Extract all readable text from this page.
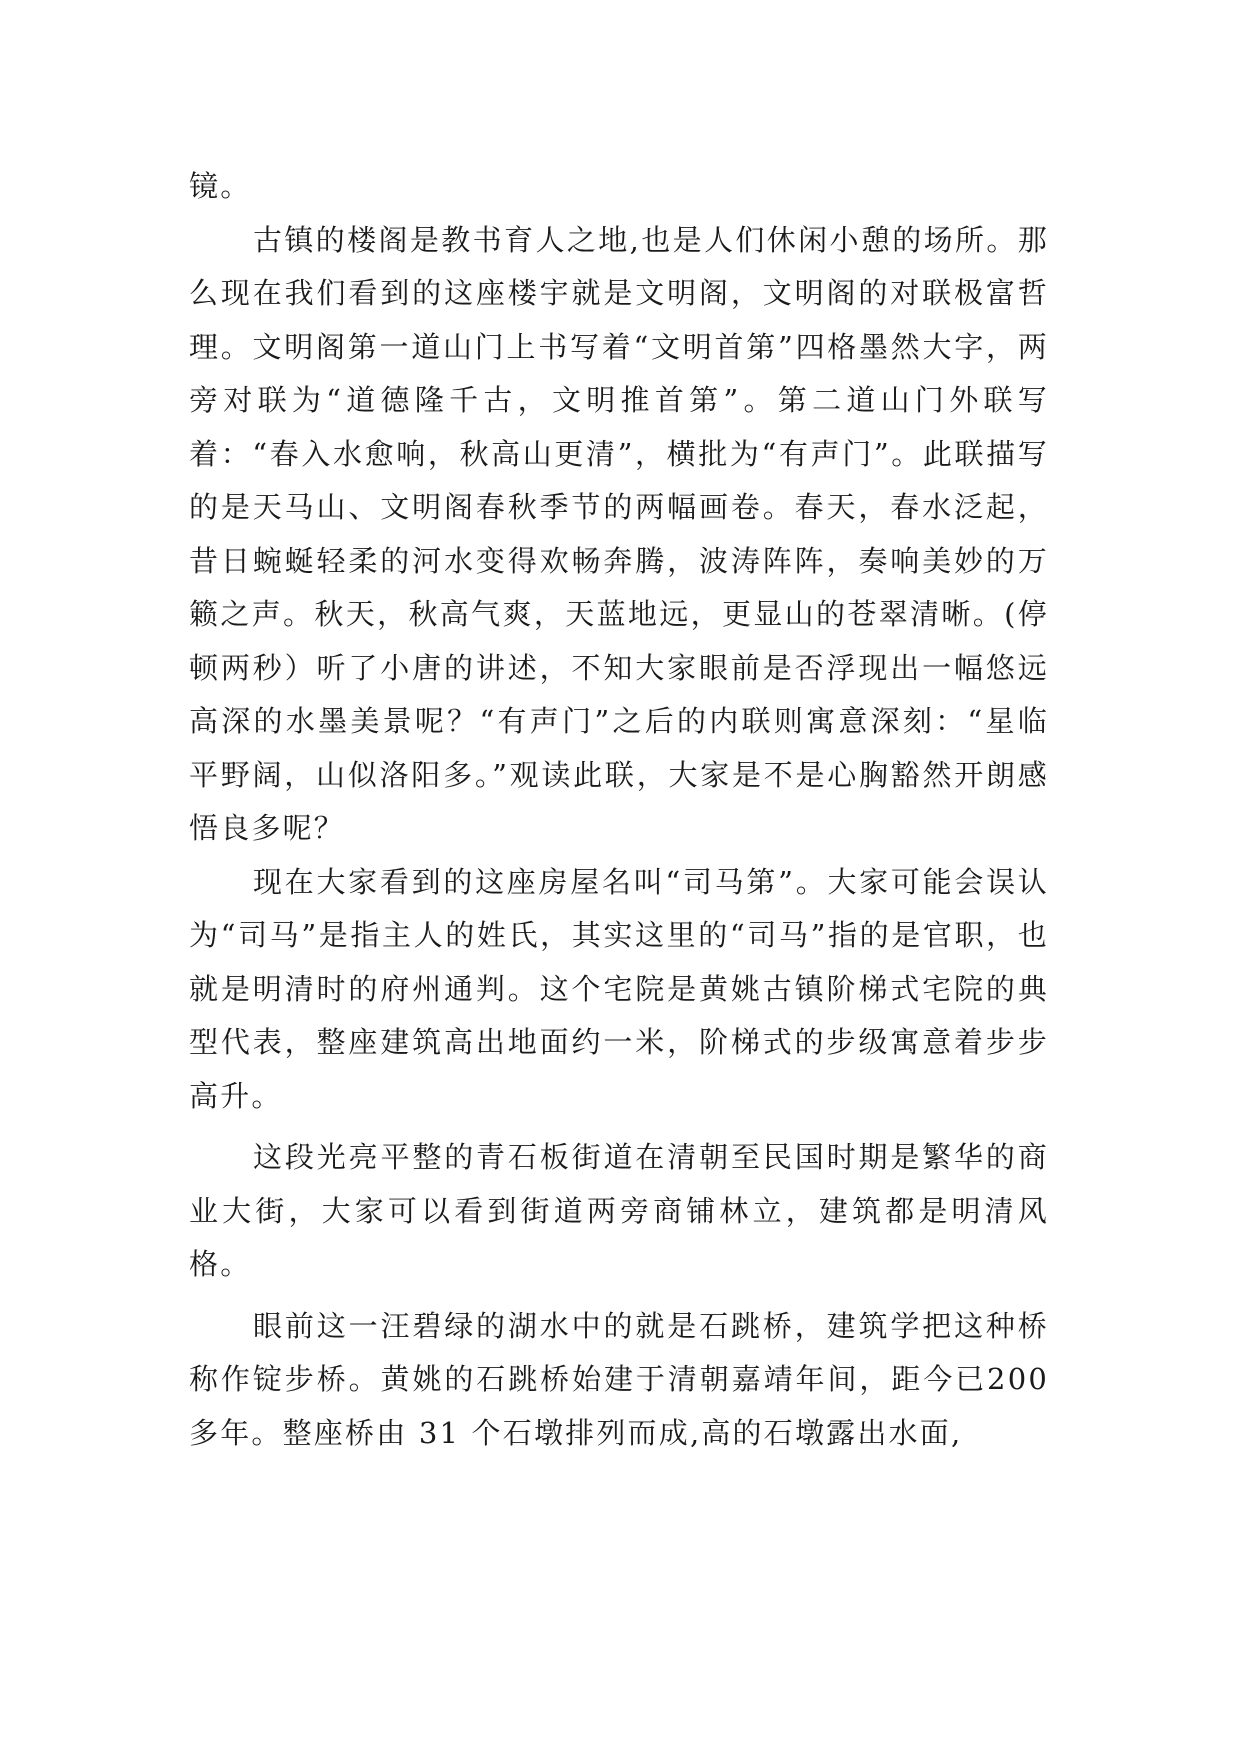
镜。

古镇的楼阁是教书育人之地,也是人们休闲小憩的场所。那么现在我们看到的这座楼宇就是文明阁，文明阁的对联极富哲理。文明阁第一道山门上书写着“文明首第”四格墨然大字，两旁对联为“道德隆千古，文明推首第”。第二道山门外联写着：“春入水愈响，秋高山更清”，横批为“有声门”。此联描写的是天马山、文明阁春秋季节的两幅画卷。春天，春水泛起，昔日蜿蜒轻柔的河水变得欢畅奔腾，波涛阵阵，奏响美妙的万籁之声。秋天，秋高气爽，天蓝地远，更显山的苍翠清晰。(停顿两秒）听了小唐的讲述，不知大家眼前是否浮现出一幅悠远高深的水墨美景呢？“有声门”之后的内联则寓意深刻：“星临平野阔，山似洛阳多。”观读此联，大家是不是心胸豁然开朗感悟良多呢？

现在大家看到的这座房屋名叫“司马第”。大家可能会误认为“司马”是指主人的姓氏，其实这里的“司马”指的是官职，也就是明清时的府州通判。这个宅院是黄姚古镇阶梯式宅院的典型代表，整座建筑高出地面约一米，阶梯式的步级寓意着步步高升。

这段光亮平整的青石板街道在清朝至民国时期是繁华的商业大街，大家可以看到街道两旁商铺林立，建筑都是明清风格。

眼前这一汪碧绿的湖水中的就是石跳桥，建筑学把这种桥称作锭步桥。黄姚的石跳桥始建于清朝嘉靖年间，距今已200 多年。整座桥由 31 个石墩排列而成,高的石墩露出水面,
